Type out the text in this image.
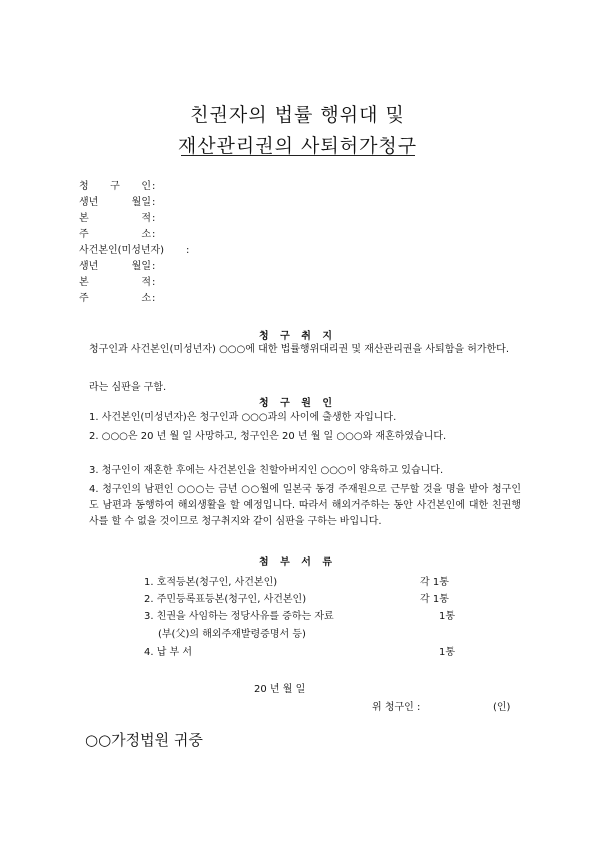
친권자의 법률 행위대 및
재산관리권의 사퇴허가청구
청 구 인 :
생년 월일 :
본 적 :
주 소 :
사건본인(미성년자) :
생년 월일 :
본 적 :
주 소 :
청 구 취 지
청구인과 사건본인(미성년자) ○○○에 대한 법률행위대리권 및 재산관리권을 사퇴함을 허가한다.
라는 심판을 구함.
청 구 원 인
1. 사건본인(미성년자)은 청구인과 ○○○과의 사이에 출생한 자입니다.
2. ○○○은 20 년 월 일 사망하고, 청구인은 20 년 월 일 ○○○와 재혼하였습니다.
3. 청구인이 재혼한 후에는 사건본인을 친할아버지인 ○○○이 양육하고 있습니다.
4. 청구인의 남편인 ○○○는 금년 ○○월에 일본국 동경 주재원으로 근무할 것을 명을 받아 청구인도 남편과 동행하여 해외생활을 할 예정입니다. 따라서 해외거주하는 동안 사건본인에 대한 친권행사를 할 수 없을 것이므로 청구취지와 같이 심판을 구하는 바입니다.
첨 부 서 류
1. 호적등본(청구인, 사건본인)	각 1통
2. 주민등록표등본(청구인, 사건본인)	각 1통
3. 친권을 사임하는 정당사유를 증하는 자료	1통
(부(父)의 해외주재발령증명서 등)
4. 납 부 서	1통
20 년 월 일
위 청구인 :	(인)
○○가정법원 귀중
